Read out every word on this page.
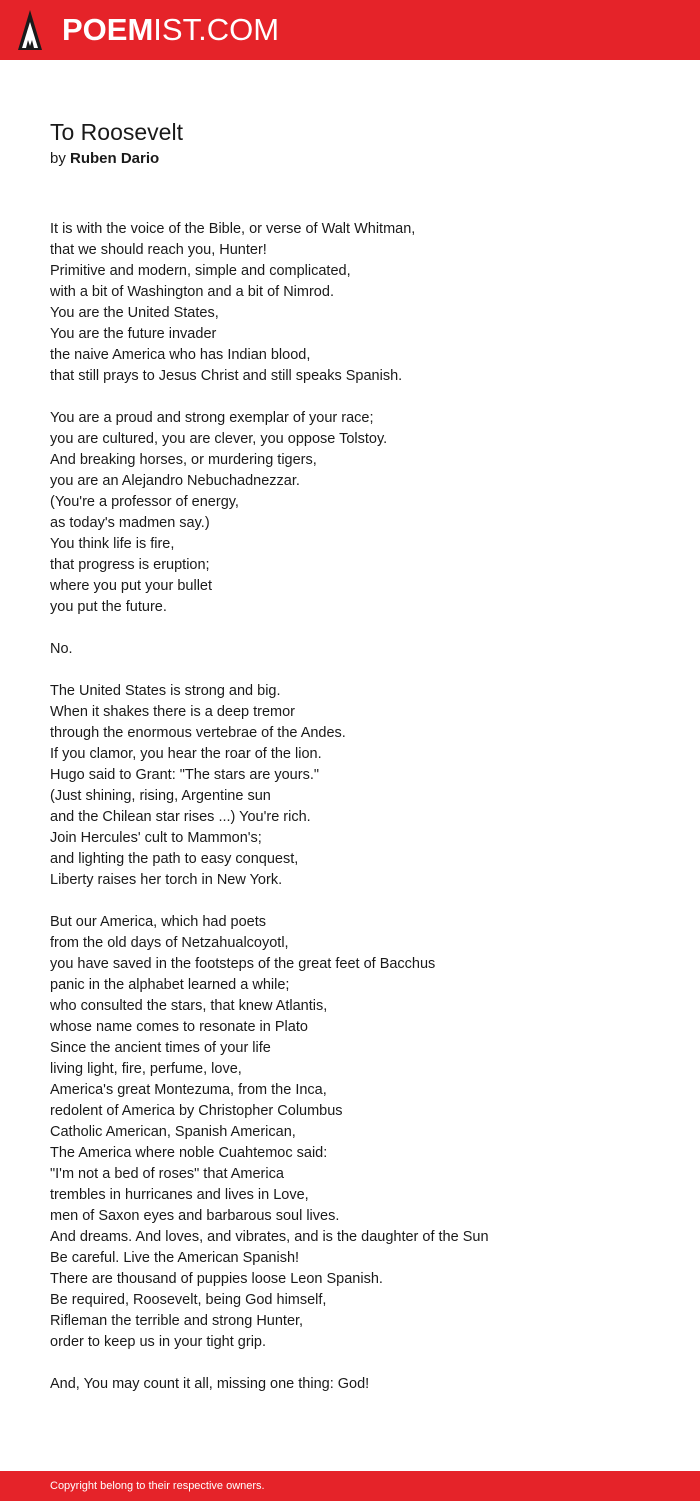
POEMIST.COM
To Roosevelt
by Ruben Dario
It is with the voice of the Bible, or verse of Walt Whitman,
that we should reach you, Hunter!
Primitive and modern, simple and complicated,
with a bit of Washington and a bit of Nimrod.
You are the United States,
You are the future invader
the naive America who has Indian blood,
that still prays to Jesus Christ and still speaks Spanish.
You are a proud and strong exemplar of your race;
you are cultured, you are clever, you oppose Tolstoy.
And breaking horses, or murdering tigers,
you are an Alejandro Nebuchadnezzar.
(You're a professor of energy,
as today's madmen say.)
You think life is fire,
that progress is eruption;
where you put your bullet
you put the future.
No.
The United States is strong and big.
When it shakes there is a deep tremor
through the enormous vertebrae of the Andes.
If you clamor, you hear the roar of the lion.
Hugo said to Grant: "The stars are yours."
(Just shining, rising, Argentine sun
and the Chilean star rises ...) You're rich.
Join Hercules' cult to Mammon's;
and lighting the path to easy conquest,
Liberty raises her torch in New York.
But our America, which had poets
from the old days of Netzahualcoyotl,
you have saved in the footsteps of the great feet of Bacchus
panic in the alphabet learned a while;
who consulted the stars, that knew Atlantis,
whose name comes to resonate in Plato
Since the ancient times of your life
living light, fire, perfume, love,
America's great Montezuma, from the Inca,
redolent of America by Christopher Columbus
Catholic American, Spanish American,
The America where noble Cuahtemoc said:
"I'm not a bed of roses" that America
trembles in hurricanes and lives in Love,
men of Saxon eyes and barbarous soul lives.
And dreams. And loves, and vibrates, and is the daughter of the Sun
Be careful. Live the American Spanish!
There are thousand of puppies loose Leon Spanish.
Be required, Roosevelt, being God himself,
Rifleman the terrible and strong Hunter,
order to keep us in your tight grip.
And, You may count it all, missing one thing: God!
Copyright belong to their respective owners.
